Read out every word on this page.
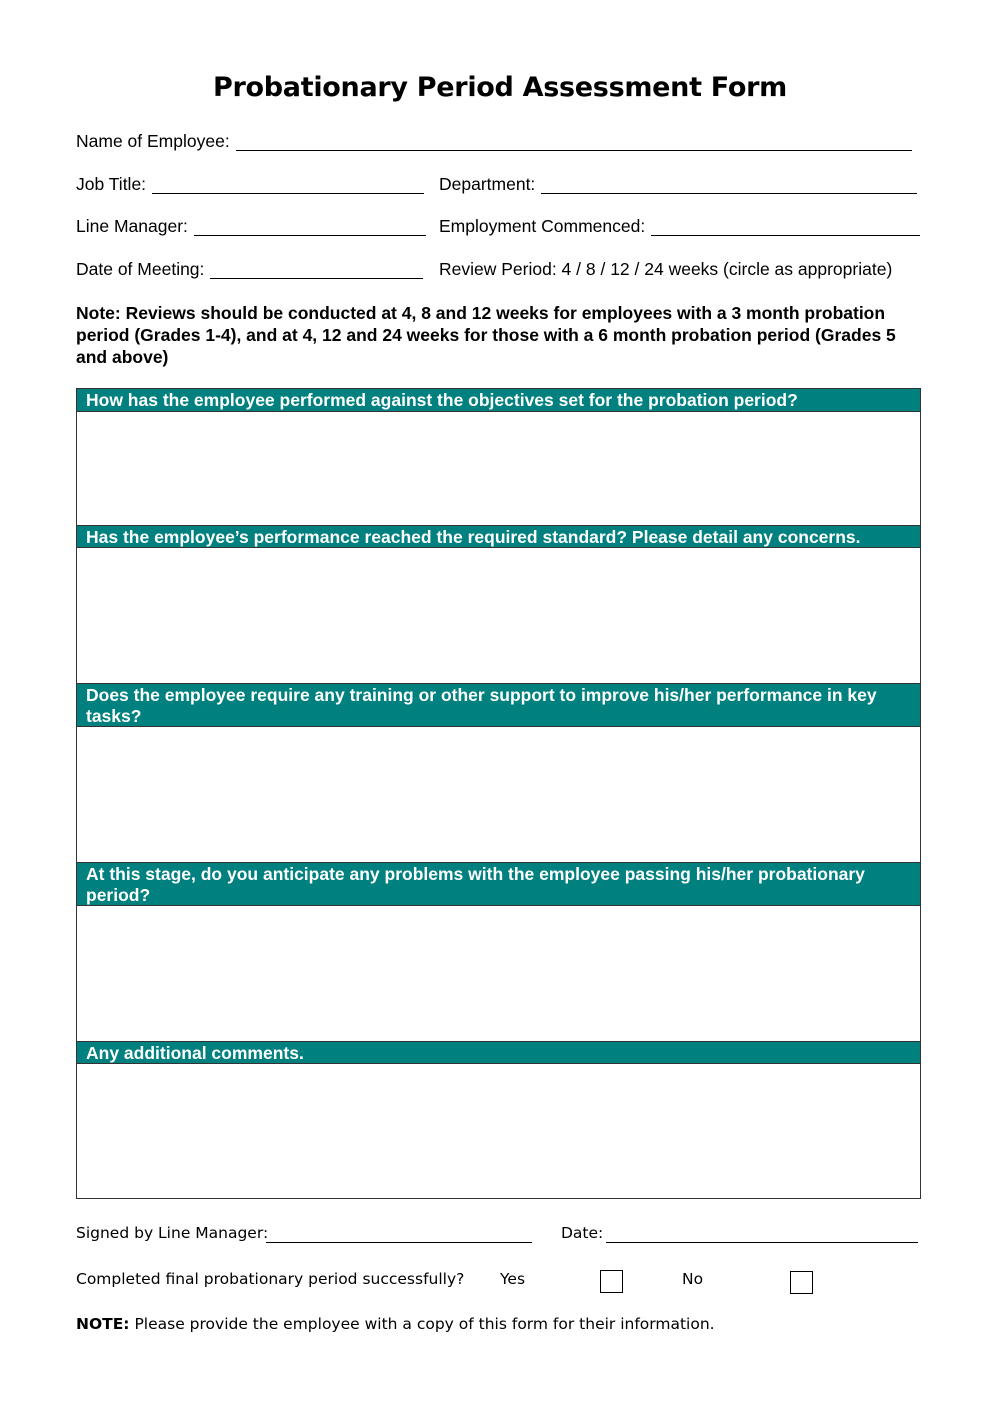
Probationary Period Assessment Form
Name of Employee:
Job Title:	Department:
Line Manager:	Employment Commenced:
Date of Meeting:	Review Period: 4 / 8 / 12 / 24 weeks (circle as appropriate)
Note: Reviews should be conducted at 4, 8 and 12 weeks for employees with a 3 month probation period (Grades 1-4), and at 4, 12 and 24 weeks for those with a 6 month probation period (Grades 5 and above)
How has the employee performed against the objectives set for the probation period?
Has the employee’s performance reached the required standard? Please detail any concerns.
Does the employee require any training or other support to improve his/her performance in key tasks?
At this stage, do you anticipate any problems with the employee passing his/her probationary period?
Any additional comments.
Signed by Line Manager:	Date:
Completed final probationary period successfully? Yes	No
NOTE: Please provide the employee with a copy of this form for their information.
